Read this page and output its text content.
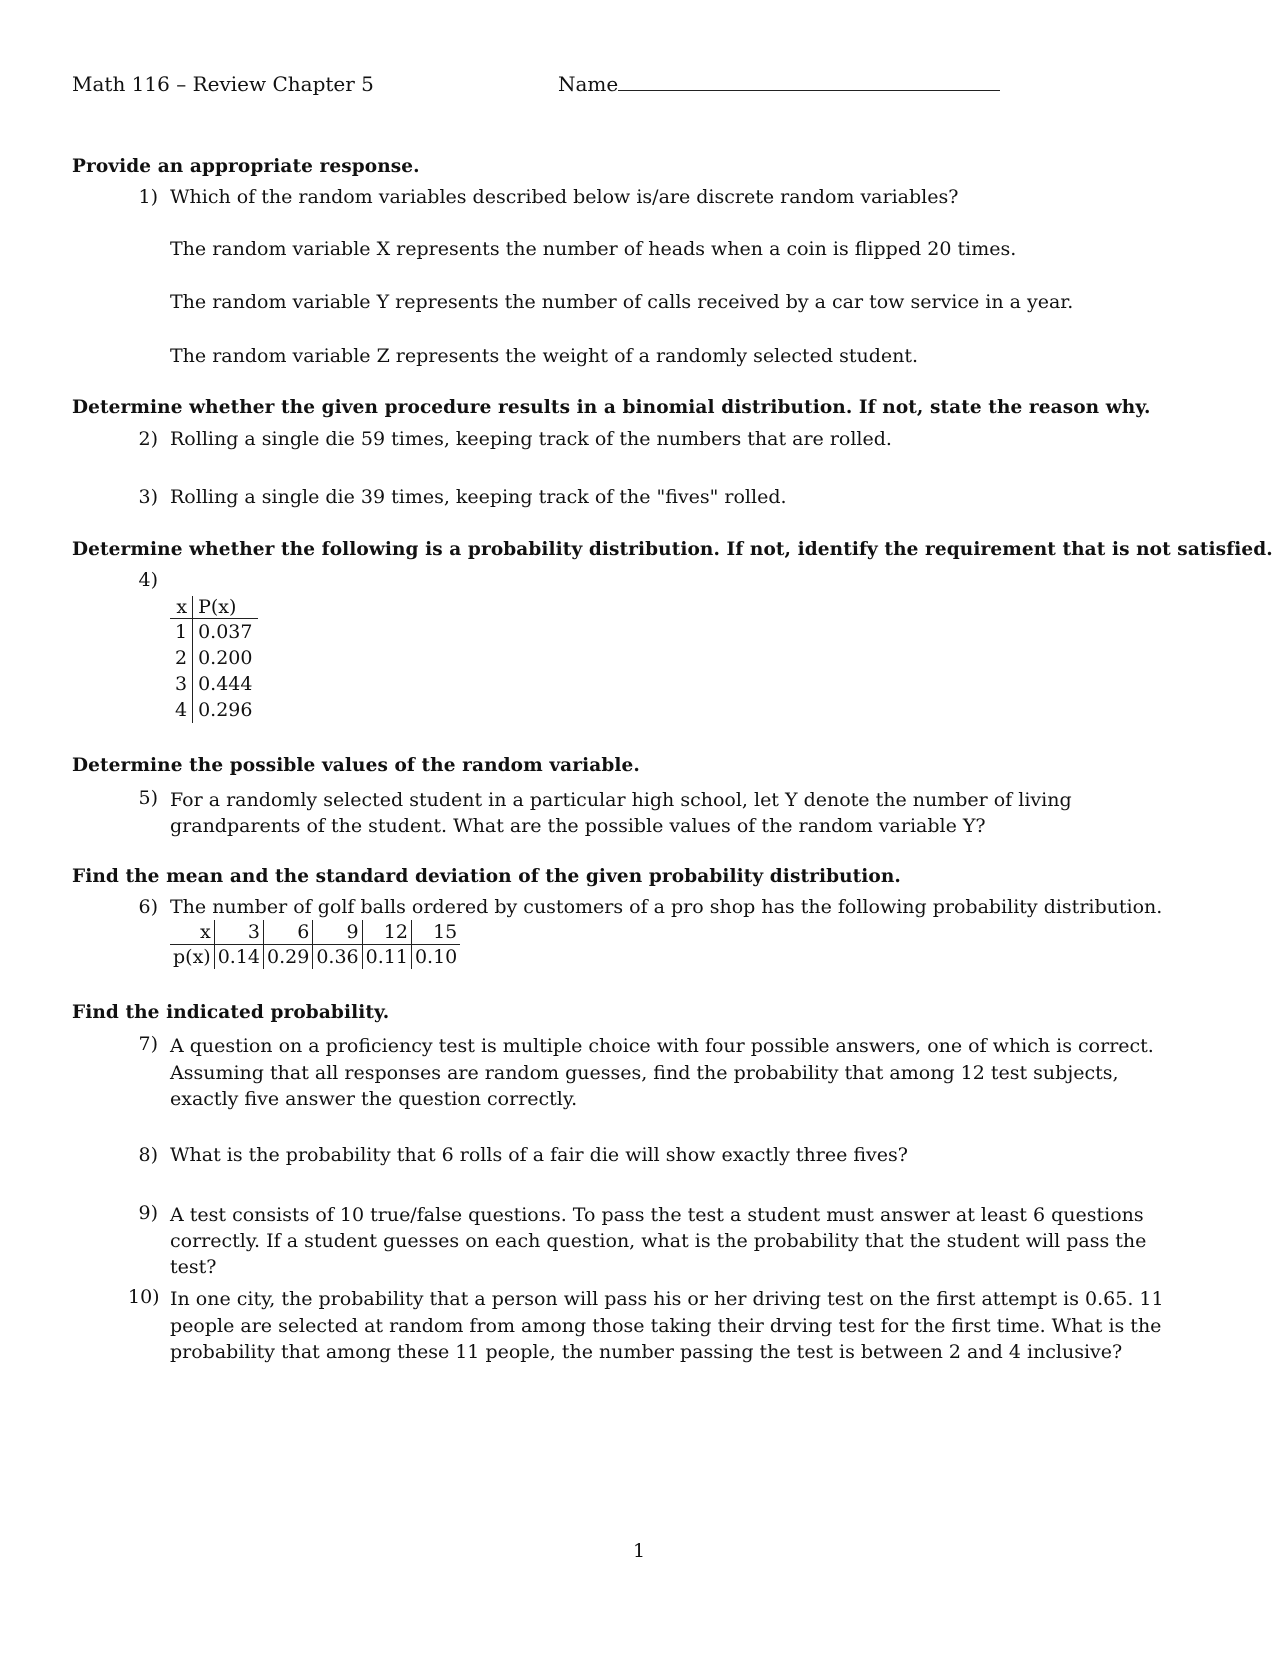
Math 116 – Review Chapter 5	Name
Provide an appropriate response.
1) Which of the random variables described below is/are discrete random variables?
The random variable X represents the number of heads when a coin is flipped 20 times.
The random variable Y represents the number of calls received by a car tow service in a year.
The random variable Z represents the weight of a randomly selected student.
Determine whether the given procedure results in a binomial distribution. If not, state the reason why.
2) Rolling a single die 59 times, keeping track of the numbers that are rolled.
3) Rolling a single die 39 times, keeping track of the "fives" rolled.
Determine whether the following is a probability distribution. If not, identify the requirement that is not satisfied.
4)
x	P(x)
1	0.037
2	0.200
3	0.444
4	0.296
Determine the possible values of the random variable.
5) For a randomly selected student in a particular high school, let Y denote the number of living grandparents of the student. What are the possible values of the random variable Y?
Find the mean and the standard deviation of the given probability distribution.
6) The number of golf balls ordered by customers of a pro shop has the following probability distribution.
x	3	6	9	12	15
p(x)	0.14	0.29	0.36	0.11	0.10
Find the indicated probability.
7) A question on a proficiency test is multiple choice with four possible answers, one of which is correct. Assuming that all responses are random guesses, find the probability that among 12 test subjects, exactly five answer the question correctly.
8) What is the probability that 6 rolls of a fair die will show exactly three fives?
9) A test consists of 10 true/false questions. To pass the test a student must answer at least 6 questions correctly. If a student guesses on each question, what is the probability that the student will pass the test?
10) In one city, the probability that a person will pass his or her driving test on the first attempt is 0.65. 11 people are selected at random from among those taking their drving test for the first time. What is the probability that among these 11 people, the number passing the test is between 2 and 4 inclusive?
1
